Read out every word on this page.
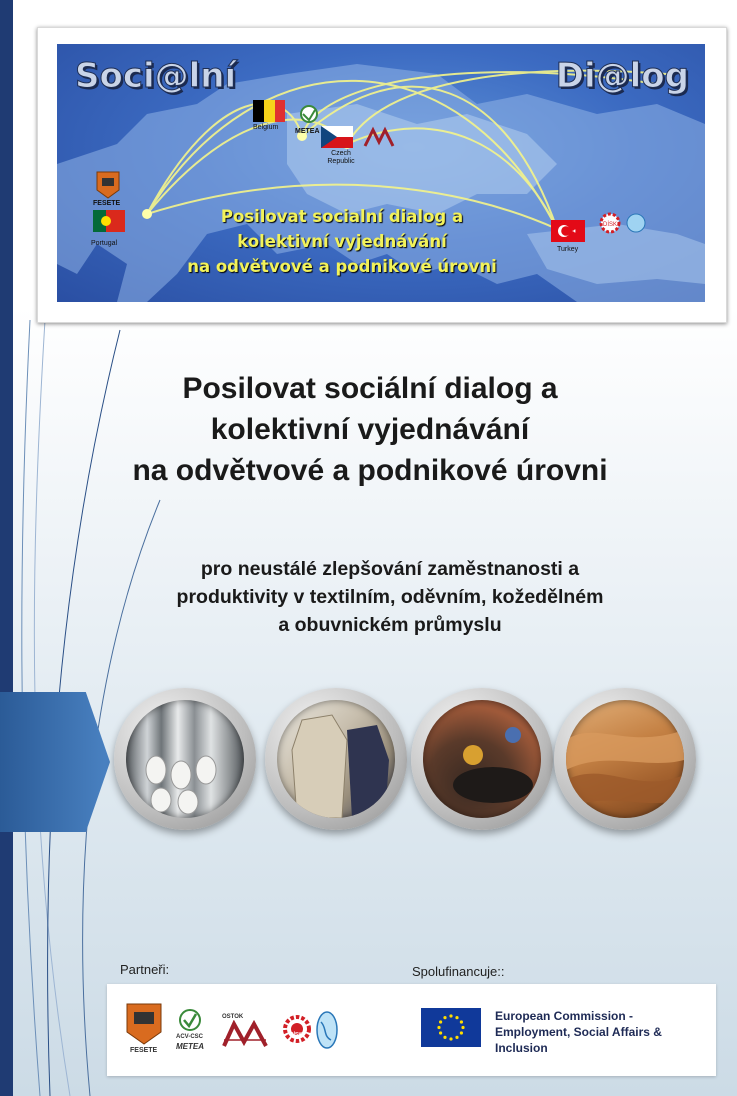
Soci@lní	Di@log
Posilovat socialní dialog a
kolektivní vyjednávání
na odvětvové a podnikové úrovni
Belgium
METEA
Czech Republic
FESETE
Portugal
Turkey
DİSK
Posilovat sociální dialog a
kolektivní vyjednávání
na odvětvové a podnikové úrovni
pro neustálé zlepšování zaměstnanosti a
produktivity v textilním, oděvním, kožedělném
a obuvnickém průmyslu
Partneři:	Spolufinancuje::
FESETE
ACV-CSC
METEA
OSTOK
DİSK
European Commission -
Employment, Social Affairs &
Inclusion
